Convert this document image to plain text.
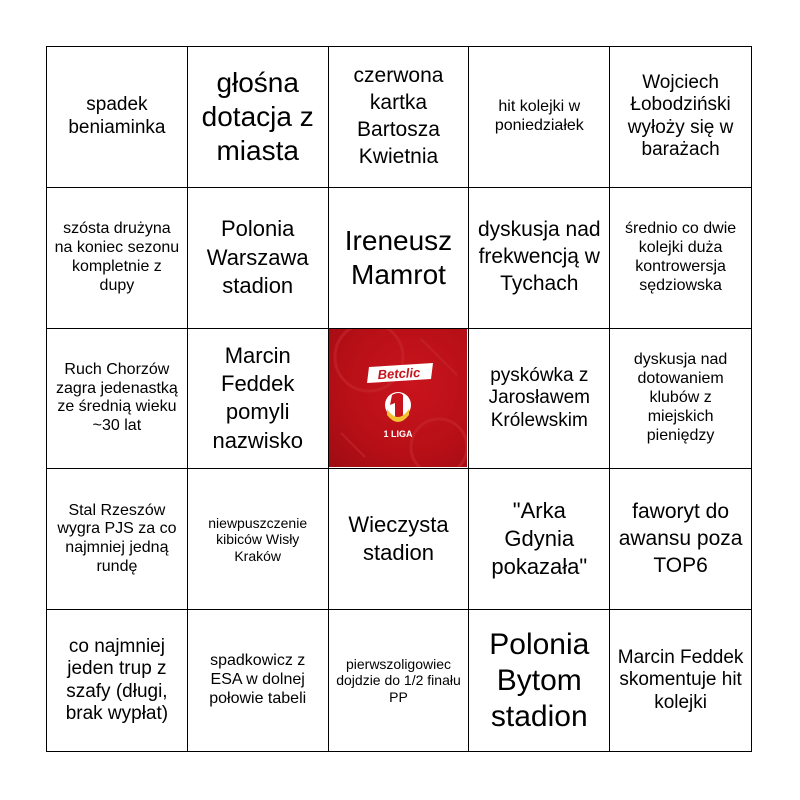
spadek beniaminka
głośna dotacja z miasta
czerwona kartka Bartosza Kwietnia
hit kolejki w poniedziałek
Wojciech Łobodziński wyłoży się w barażach
szósta drużyna na koniec sezonu kompletnie z dupy
Polonia Warszawa stadion
Ireneusz Mamrot
dyskusja nad frekwencją w Tychach
średnio co dwie kolejki duża kontrowersja sędziowska
Ruch Chorzów zagra jedenastką ze średnią wieku ~30 lat
Marcin Feddek pomyli nazwisko
Betclic
1 LIGA
pyskówka z Jarosławem Królewskim
dyskusja nad dotowaniem klubów z miejskich pieniędzy
Stal Rzeszów wygra PJS za co najmniej jedną rundę
niewpuszczenie kibiców Wisły Kraków
Wieczysta stadion
"Arka Gdynia pokazała"
faworyt do awansu poza TOP6
co najmniej jeden trup z szafy (długi, brak wypłat)
spadkowicz z ESA w dolnej połowie tabeli
pierwszoligowiec dojdzie do 1/2 finału PP
Polonia Bytom stadion
Marcin Feddek skomentuje hit kolejki
